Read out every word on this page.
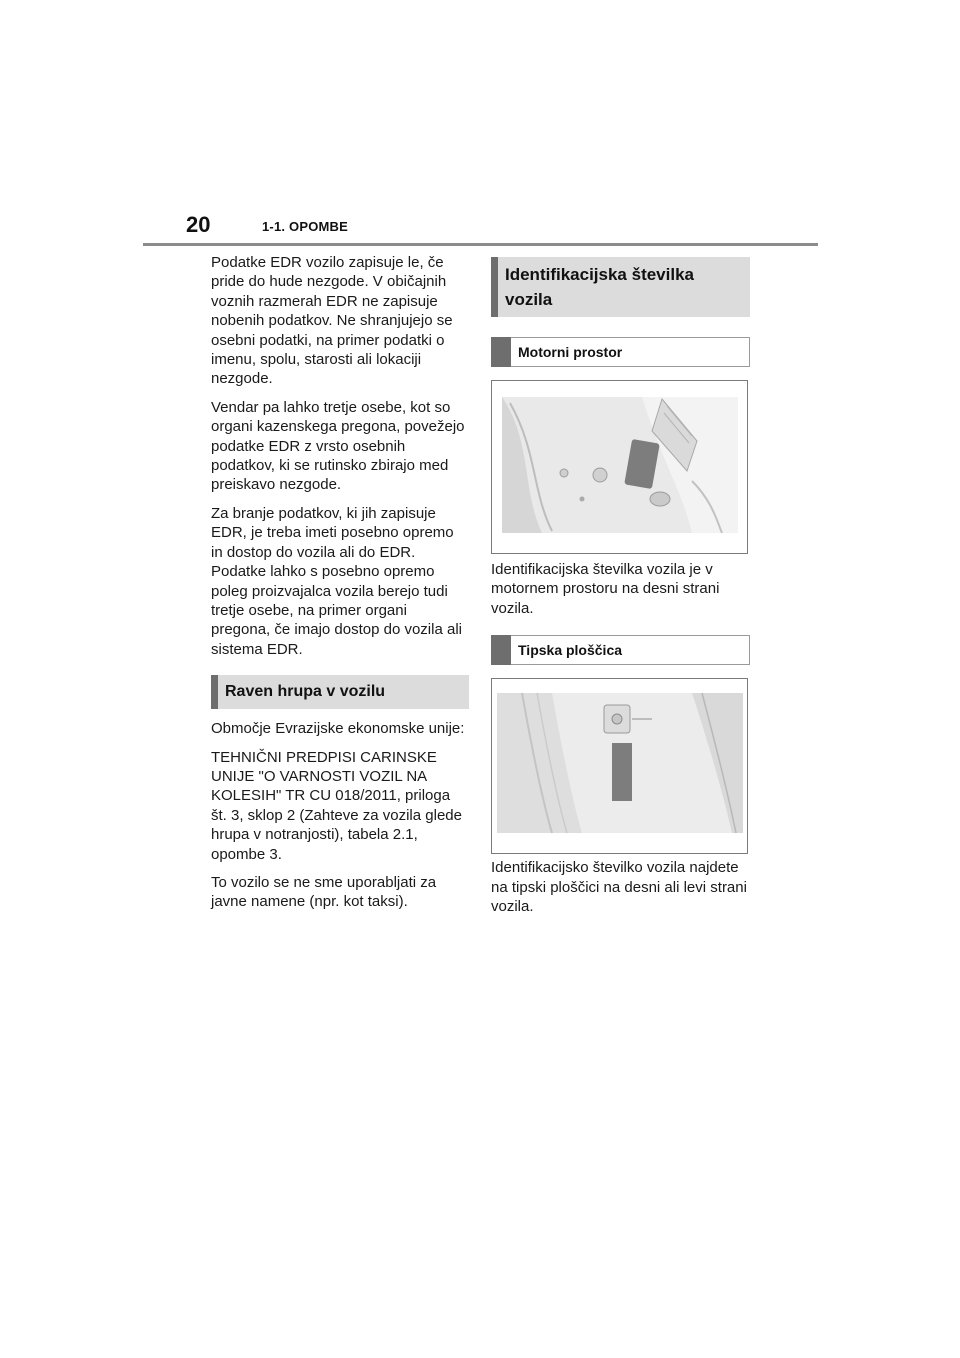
20	1-1. OPOMBE

Podatke EDR vozilo zapisuje le, če pride do hude nezgode. V običajnih voznih razmerah EDR ne zapisuje nobenih podatkov. Ne shranjujejo se osebni podatki, na primer podatki o imenu, spolu, starosti ali lokaciji nezgode.

Vendar pa lahko tretje osebe, kot so organi kazenskega pregona, povežejo podatke EDR z vrsto osebnih podatkov, ki se rutinsko zbirajo med preiskavo nezgode.

Za branje podatkov, ki jih zapisuje EDR, je treba imeti posebno opremo in dostop do vozila ali do EDR. Podatke lahko s posebno opremo poleg proizvajalca vozila berejo tudi tretje osebe, na primer organi pregona, če imajo dostop do vozila ali sistema EDR.

Raven hrupa v vozilu

Območje Evrazijske ekonomske unije:

TEHNIČNI PREDPISI CARINSKE UNIJE "O VARNOSTI VOZIL NA KOLESIH" TR CU 018/2011, priloga št. 3, sklop 2 (Zahteve za vozila glede hrupa v notranjosti), tabela 2.1, opombe 3.

To vozilo se ne sme uporabljati za javne namene (npr. kot taksi).

Identifikacijska številka vozila
Motorni prostor

Identifikacijska številka vozila je v motornem prostoru na desni strani vozila.

Tipska ploščica

Identifikacijsko številko vozila najdete na tipski ploščici na desni ali levi strani vozila.
